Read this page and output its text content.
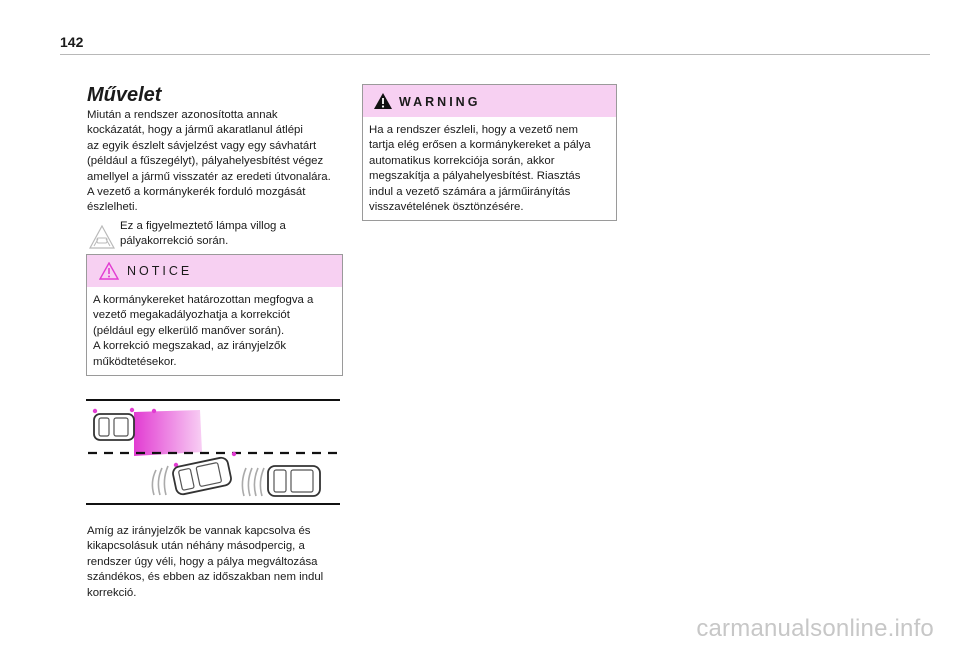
142
Művelet

Miután a rendszer azonosította annak
kockázatát, hogy a jármű akaratlanul átlépi
az egyik észlelt sávjelzést vagy egy sávhatárt
(például a fűszegélyt), pályahelyesbítést végez
amellyel a jármű visszatér az eredeti útvonalára.
A vezető a kormánykerék forduló mozgását
észlelheti.

Ez a figyelmeztető lámpa villog a
pályakorrekció során.
NOTICE

A kormánykereket határozottan megfogva a
vezető megakadályozhatja a korrekciót
(például egy elkerülő manőver során).
A korrekció megszakad, az irányjelzők
működtetésekor.

WARNING

Ha a rendszer észleli, hogy a vezető nem
tartja elég erősen a kormánykereket a pálya
automatikus korrekciója során, akkor
megszakítja a pályahelyesbítést. Riasztás
indul a vezető számára a járműirányítás
visszavételének ösztönzésére.

Amíg az irányjelzők be vannak kapcsolva és
kikapcsolásuk után néhány másodpercig, a
rendszer úgy véli, hogy a pálya megváltozása
szándékos, és ebben az időszakban nem indul
korrekció.

carmanualsonline.info
